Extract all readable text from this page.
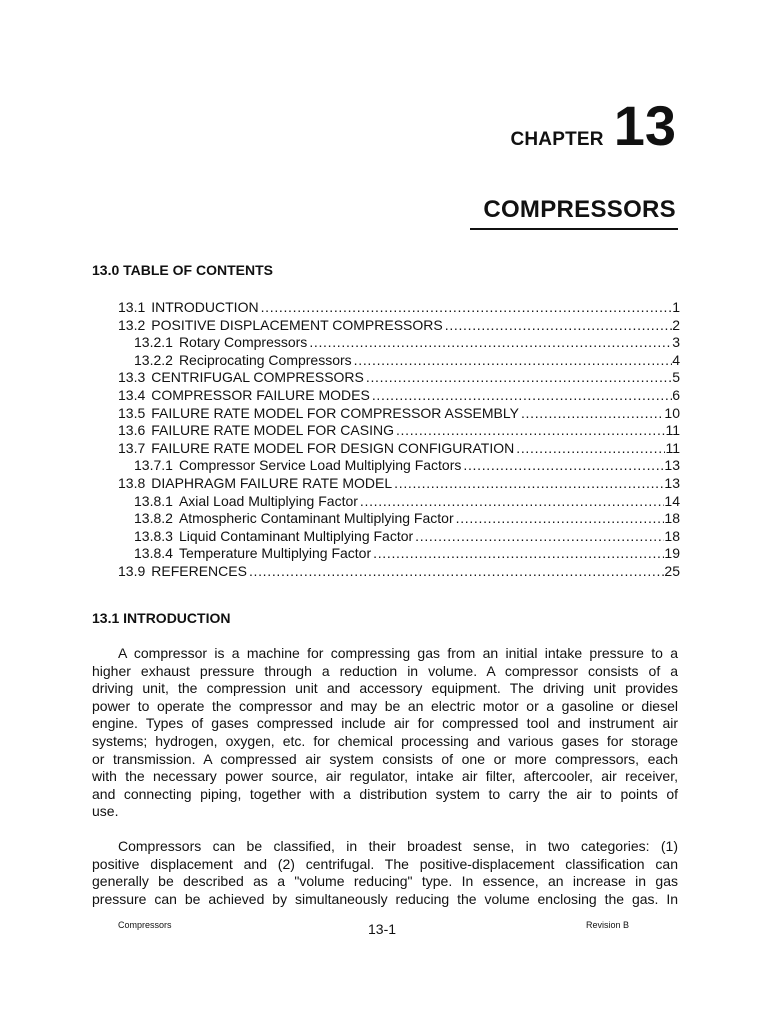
CHAPTER 13
COMPRESSORS
13.0 TABLE OF CONTENTS
13.1 INTRODUCTION . . .	1
13.2 POSITIVE DISPLACEMENT COMPRESSORS . . .	2
13.2.1 Rotary Compressors . . .	3
13.2.2 Reciprocating Compressors . . .	4
13.3 CENTRIFUGAL COMPRESSORS . . .	5
13.4 COMPRESSOR FAILURE MODES . . .	6
13.5 FAILURE RATE MODEL FOR COMPRESSOR ASSEMBLY . . .	10
13.6 FAILURE RATE MODEL FOR CASING . . .	11
13.7 FAILURE RATE MODEL FOR DESIGN CONFIGURATION . . .	11
13.7.1 Compressor Service Load Multiplying Factors . . .	13
13.8 DIAPHRAGM FAILURE RATE MODEL . . .	13
13.8.1 Axial Load Multiplying Factor . . .	14
13.8.2 Atmospheric Contaminant Multiplying Factor . . .	18
13.8.3 Liquid Contaminant Multiplying Factor . . .	18
13.8.4 Temperature Multiplying Factor . . .	19
13.9 REFERENCES . . .	25
13.1 INTRODUCTION
A compressor is a machine for compressing gas from an initial intake pressure to a
higher exhaust pressure through a reduction in volume. A compressor consists of a
driving unit, the compression unit and accessory equipment. The driving unit provides
power to operate the compressor and may be an electric motor or a gasoline or diesel
engine. Types of gases compressed include air for compressed tool and instrument air
systems; hydrogen, oxygen, etc. for chemical processing and various gases for storage
or transmission. A compressed air system consists of one or more compressors, each
with the necessary power source, air regulator, intake air filter, aftercooler, air receiver,
and connecting piping, together with a distribution system to carry the air to points of
use.
Compressors can be classified, in their broadest sense, in two categories: (1)
positive displacement and (2) centrifugal. The positive-displacement classification can
generally be described as a "volume reducing" type. In essence, an increase in gas
pressure can be achieved by simultaneously reducing the volume enclosing the gas. In
Compressors	13-1	Revision B
